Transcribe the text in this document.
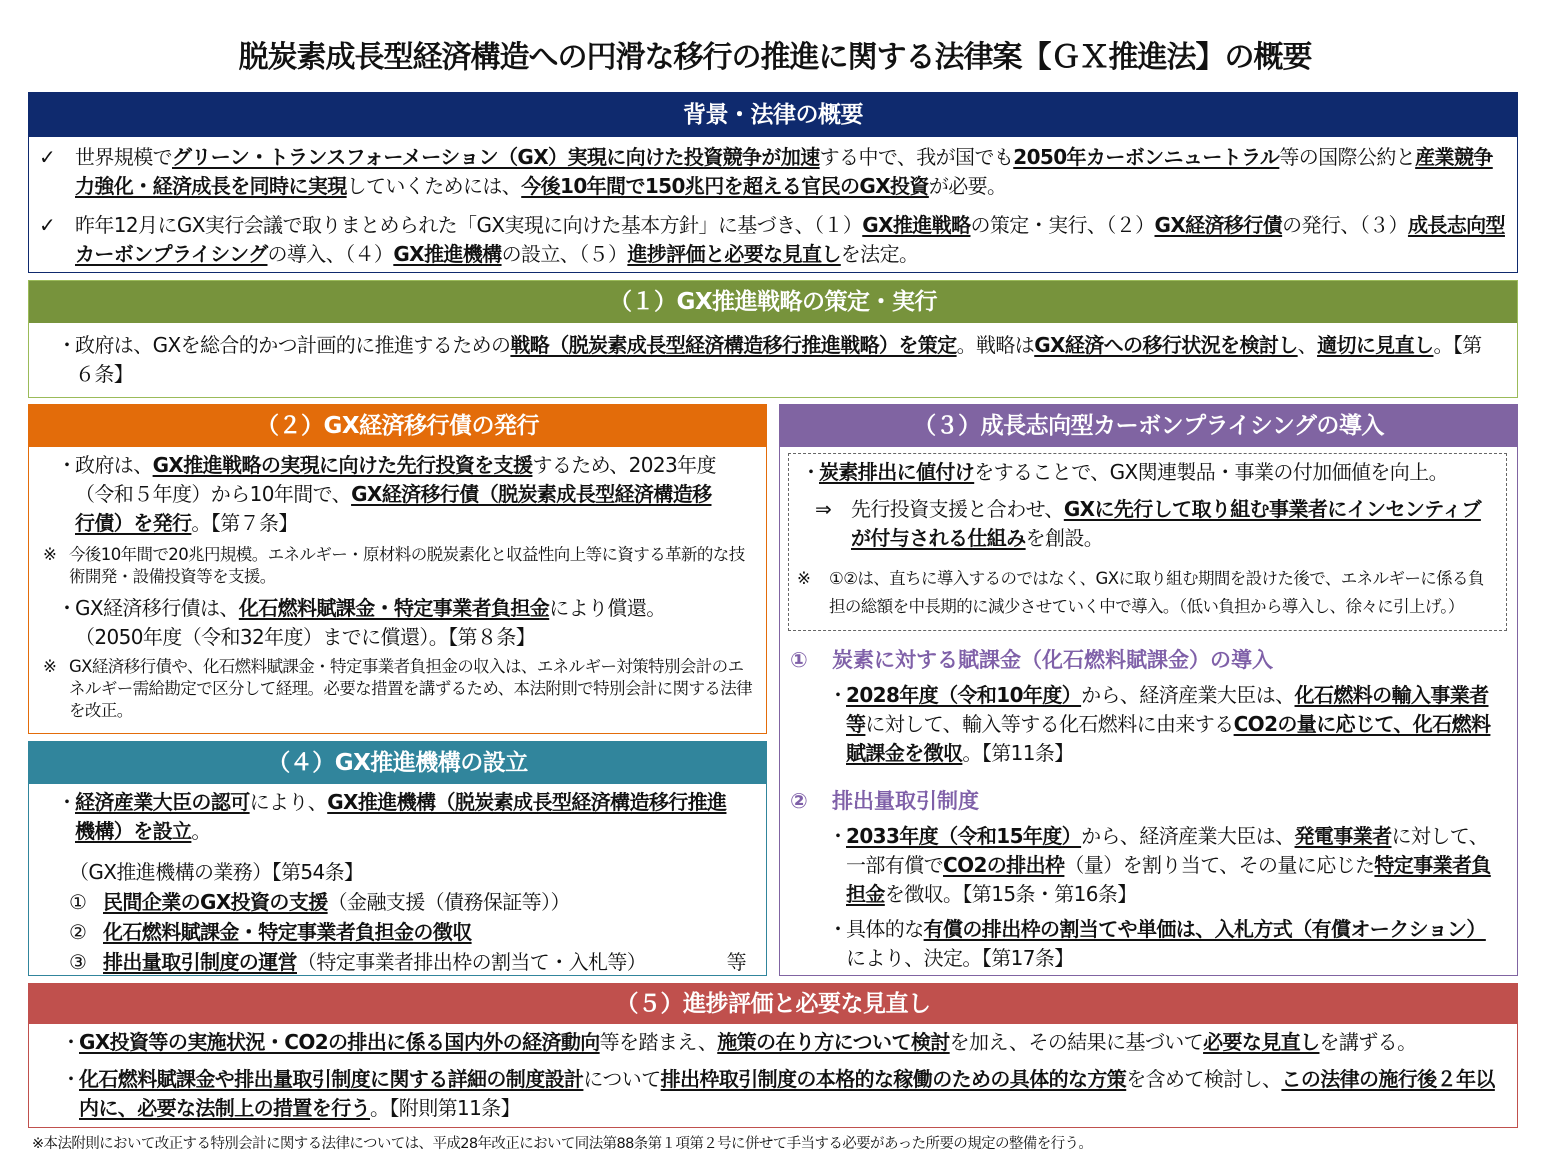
脱炭素成長型経済構造への円滑な移行の推進に関する法律案【ＧＸ推進法】の概要
背景・法律の概要
✓ 世界規模でグリーン・トランスフォーメーション（GX）実現に向けた投資競争が加速する中で、我が国でも2050年カーボンニュートラル等の国際公約と産業競争力強化・経済成長を同時に実現していくためには、今後10年間で150兆円を超える官民のGX投資が必要。
✓ 昨年12月にGX実行会議で取りまとめられた「GX実現に向けた基本方針」に基づき、（１）GX推進戦略の策定・実行、（２）GX経済移行債の発行、（３）成長志向型カーボンプライシングの導入、（４）GX推進機構の設立、（５）進捗評価と必要な見直しを法定。
（１）GX推進戦略の策定・実行
・
政府は、GXを総合的かつ計画的に推進するための戦略（脱炭素成長型経済構造移行推進戦略）を策定。戦略はGX経済への移行状況を検討し、適切に見直し。【第６条】
（２）GX経済移行債の発行
・
政府は、GX推進戦略の実現に向けた先行投資を支援するため、2023年度（令和５年度）から10年間で、GX経済移行債（脱炭素成長型経済構造移行債）を発行。【第７条】
※ 今後10年間で20兆円規模。エネルギー・原材料の脱炭素化と収益性向上等に資する革新的な技術開発・設備投資等を支援。
・
GX経済移行債は、化石燃料賦課金・特定事業者負担金により償還。
（2050年度（令和32年度）までに償還）。【第８条】
※ GX経済移行債や、化石燃料賦課金・特定事業者負担金の収入は、エネルギー対策特別会計のエネルギー需給勘定で区分して経理。必要な措置を講ずるため、本法附則で特別会計に関する法律を改正。
（４）GX推進機構の設立
・
経済産業大臣の認可により、GX推進機構（脱炭素成長型経済構造移行推進機構）を設立。
（GX推進機構の業務）【第54条】
① 民間企業のGX投資の支援（金融支援（債務保証等））
② 化石燃料賦課金・特定事業者負担金の徴収
③ 排出量取引制度の運営（特定事業者排出枠の割当て・入札等）	等
（３）成長志向型カーボンプライシングの導入
・
炭素排出に値付けをすることで、GX関連製品・事業の付加価値を向上。
⇒ 先行投資支援と合わせ、GXに先行して取り組む事業者にインセンティブが付与される仕組みを創設。
※ ①②は、直ちに導入するのではなく、GXに取り組む期間を設けた後で、エネルギーに係る負担の総額を中長期的に減少させていく中で導入。（低い負担から導入し、徐々に引上げ。）
① 炭素に対する賦課金（化石燃料賦課金）の導入
・
2028年度（令和10年度）から、経済産業大臣は、化石燃料の輸入事業者等に対して、輸入等する化石燃料に由来するCO2の量に応じて、化石燃料賦課金を徴収。【第11条】
② 排出量取引制度
・
2033年度（令和15年度）から、経済産業大臣は、発電事業者に対して、一部有償でCO2の排出枠（量）を割り当て、その量に応じた特定事業者負担金を徴収。【第15条・第16条】
・
具体的な有償の排出枠の割当てや単価は、入札方式（有償オークション）により、決定。【第17条】
（５）進捗評価と必要な見直し
・
GX投資等の実施状況・CO2の排出に係る国内外の経済動向等を踏まえ、施策の在り方について検討を加え、その結果に基づいて必要な見直しを講ずる。
・
化石燃料賦課金や排出量取引制度に関する詳細の制度設計について排出枠取引制度の本格的な稼働のための具体的な方策を含めて検討し、この法律の施行後２年以内に、必要な法制上の措置を行う。【附則第11条】
※本法附則において改正する特別会計に関する法律については、平成28年改正において同法第88条第１項第２号に併せて手当する必要があった所要の規定の整備を行う。
